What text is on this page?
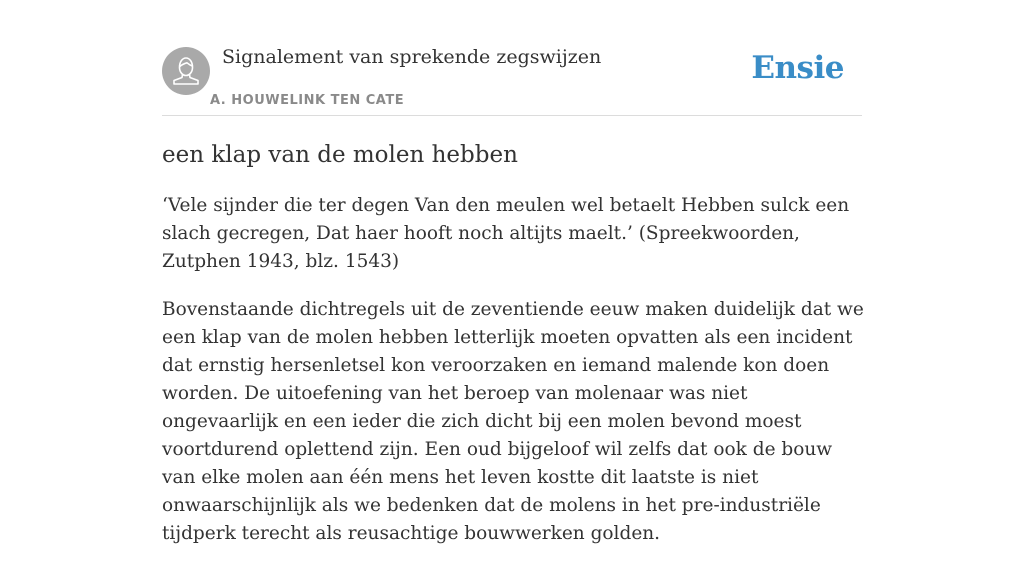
Signalement van sprekende zegswijzen
A. HOUWELINK TEN CATE
Ensie
een klap van de molen hebben

‘Vele sijnder die ter degen Van den meulen wel betaelt Hebben sulck een slach gecregen, Dat haer hooft noch altijts maelt.’ (Spreekwoorden, Zutphen 1943, blz. 1543)

Bovenstaande dichtregels uit de zeventiende eeuw maken duidelijk dat we een klap van de molen hebben letterlijk moeten opvatten als een incident dat ernstig hersenletsel kon veroorzaken en iemand malende kon doen worden. De uitoefening van het beroep van molenaar was niet ongevaarlijk en een ieder die zich dicht bij een molen bevond moest voortdurend oplettend zijn. Een oud bijgeloof wil zelfs dat ook de bouw van elke molen aan één mens het leven kostte dit laatste is niet onwaarschijnlijk als we bedenken dat de molens in het pre-industriële tijdperk terecht als reusachtige bouwwerken golden.
